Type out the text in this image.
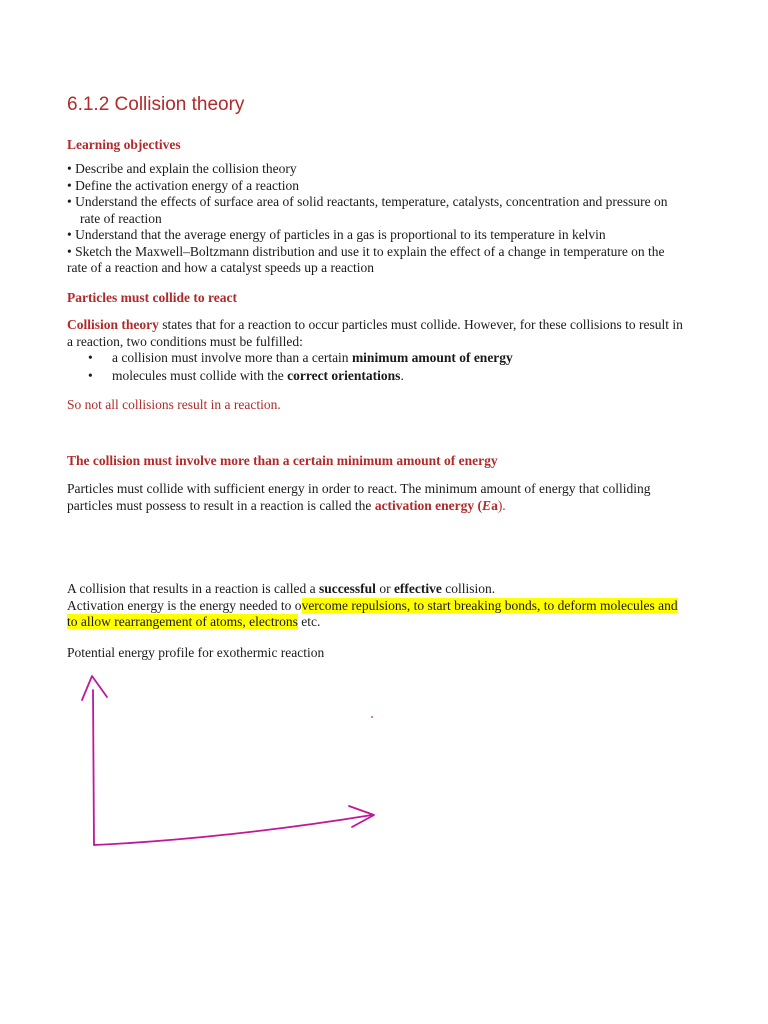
6.1.2 Collision theory
Learning objectives
• Describe and explain the collision theory
• Define the activation energy of a reaction
• Understand the effects of surface area of solid reactants, temperature, catalysts, concentration and pressure on
rate of reaction
• Understand that the average energy of particles in a gas is proportional to its temperature in kelvin
• Sketch the Maxwell–Boltzmann distribution and use it to explain the effect of a change in temperature on the
rate of a reaction and how a catalyst speeds up a reaction
Particles must collide to react
Collision theory states that for a reaction to occur particles must collide. However, for these collisions to result in
a reaction, two conditions must be fulfilled:
• a collision must involve more than a certain minimum amount of energy
• molecules must collide with the correct orientations.
So not all collisions result in a reaction.
The collision must involve more than a certain minimum amount of energy
Particles must collide with sufficient energy in order to react. The minimum amount of energy that colliding
particles must possess to result in a reaction is called the activation energy (Ea).
A collision that results in a reaction is called a successful or effective collision.
Activation energy is the energy needed to overcome repulsions, to start breaking bonds, to deform molecules and
to allow rearrangement of atoms, electrons etc.
Potential energy profile for exothermic reaction
